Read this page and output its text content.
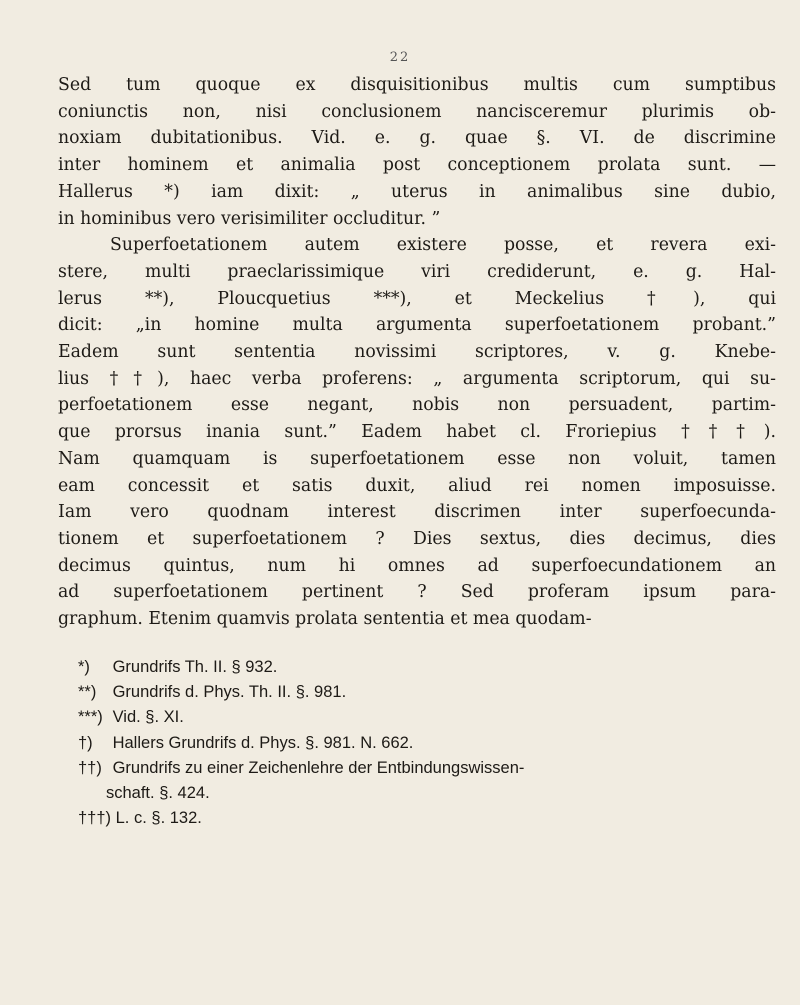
22
Sed tum quoque ex disquisitionibus multis cum sumptibus
coniunctis non, nisi conclusionem nancisceremur plurimis ob-
noxiam dubitationibus. Vid. e. g. quae §. VI. de discrimine
inter hominem et animalia post conceptionem prolata sunt. —
Hallerus *) iam dixit: „ uterus in animalibus sine dubio,
in hominibus vero verisimiliter occluditur. ”
Superfoetationem autem existere posse, et revera exi-
stere, multi praeclarissimique viri crediderunt, e. g. Hal-
lerus **), Ploucquetius ***), et Meckelius †), qui
dicit: „in homine multa argumenta superfoetationem probant.”
Eadem sunt sententia novissimi scriptores, v. g. Knebe-
lius ††), haec verba proferens: „ argumenta scriptorum, qui su-
perfoetationem esse negant, nobis non persuadent, partim-
que prorsus inania sunt.” Eadem habet cl. Froriepius †††).
Nam quamquam is superfoetationem esse non voluit, tamen
eam concessit et satis duxit, aliud rei nomen imposuisse.
Iam vero quodnam interest discrimen inter superfoecunda-
tionem et superfoetationem ? Dies sextus, dies decimus, dies
decimus quintus, num hi omnes ad superfoecundationem an
ad superfoetationem pertinent ? Sed proferam ipsum para-
graphum. Etenim quamvis prolata sententia et mea quodam-
*) Grundrifs Th. II. § 932.
**) Grundrifs d. Phys. Th. II. §. 981.
***) Vid. §. XI.
†) Hallers Grundrifs d. Phys. §. 981. N. 662.
††) Grundrifs zu einer Zeichenlehre der Entbindungswissen-
schaft. §. 424.
†††) L. c. §. 132.
